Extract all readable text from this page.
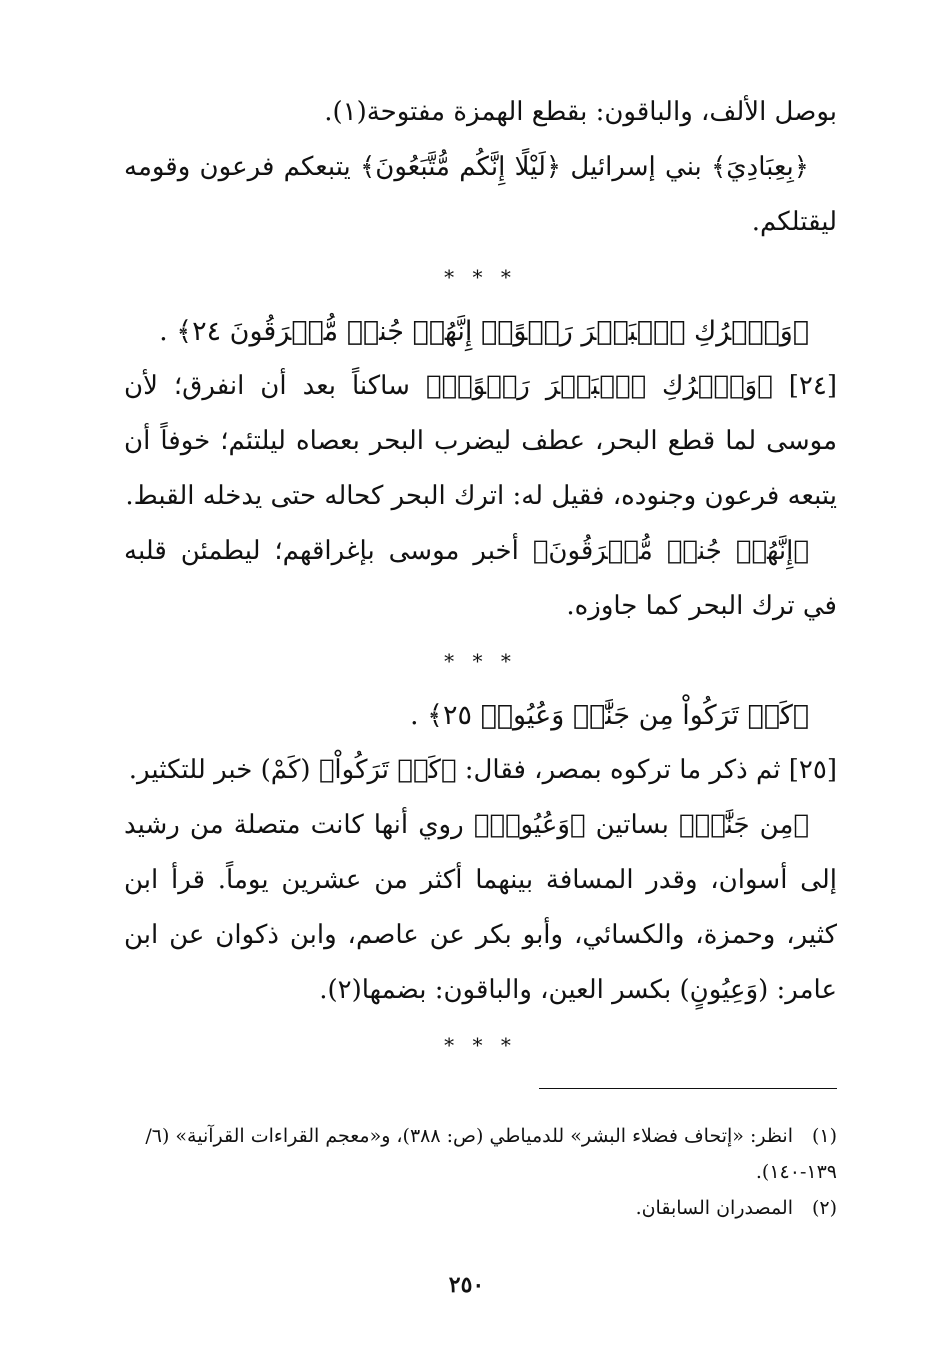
بوصل الألف، والباقون: بقطع الهمزة مفتوحة(١).

﴿بِعِبَادِيَ﴾ بني إسرائيل ﴿لَيْلًا إِنَّكُم مُّتَّبَعُونَ﴾ يتبعكم فرعون وقومه ليقتلكم.

* * *

﴿وَٱتۡرُكِ ٱلۡبَحۡرَ رَهۡوًاۖ إِنَّهُمۡ جُندٞ مُّغۡرَقُونَ ٢٤﴾ .

[٢٤] ﴿وَٱتۡرُكِ ٱلۡبَحۡرَ رَهۡوًاۖ﴾ ساكناً بعد أن انفرق؛ لأن موسى لما قطع البحر، عطف ليضرب البحر بعصاه ليلتئم؛ خوفاً أن يتبعه فرعون وجنوده، فقيل له: اترك البحر كحاله حتى يدخله القبط.

﴿إِنَّهُمۡ جُندٞ مُّغۡرَقُونَ﴾ أخبر موسى بإغراقهم؛ ليطمئن قلبه في ترك البحر كما جاوزه.

* * *

﴿كَمۡ تَرَكُواْ مِن جَنَّٰتٖ وَعُيُونٖ ٢٥﴾ .

[٢٥] ثم ذكر ما تركوه بمصر، فقال: ﴿كَمۡ تَرَكُواْ﴾ (كَمْ) خبر للتكثير.

﴿مِن جَنَّٰتٖ﴾ بساتين ﴿وَعُيُونٖ﴾ روي أنها كانت متصلة من رشيد إلى أسوان، وقدر المسافة بينهما أكثر من عشرين يوماً. قرأ ابن كثير، وحمزة، والكسائي، وأبو بكر عن عاصم، وابن ذكوان عن ابن عامر: (وَعِيُونٍ) بكسر العين، والباقون: بضمها(٢).

* * *

(١)انظر: «إتحاف فضلاء البشر» للدمياطي (ص: ٣٨٨)، و«معجم القراءات القرآنية» (٦/ ١٣٩-١٤٠).

(٢)المصدران السابقان.

٢٥٠
